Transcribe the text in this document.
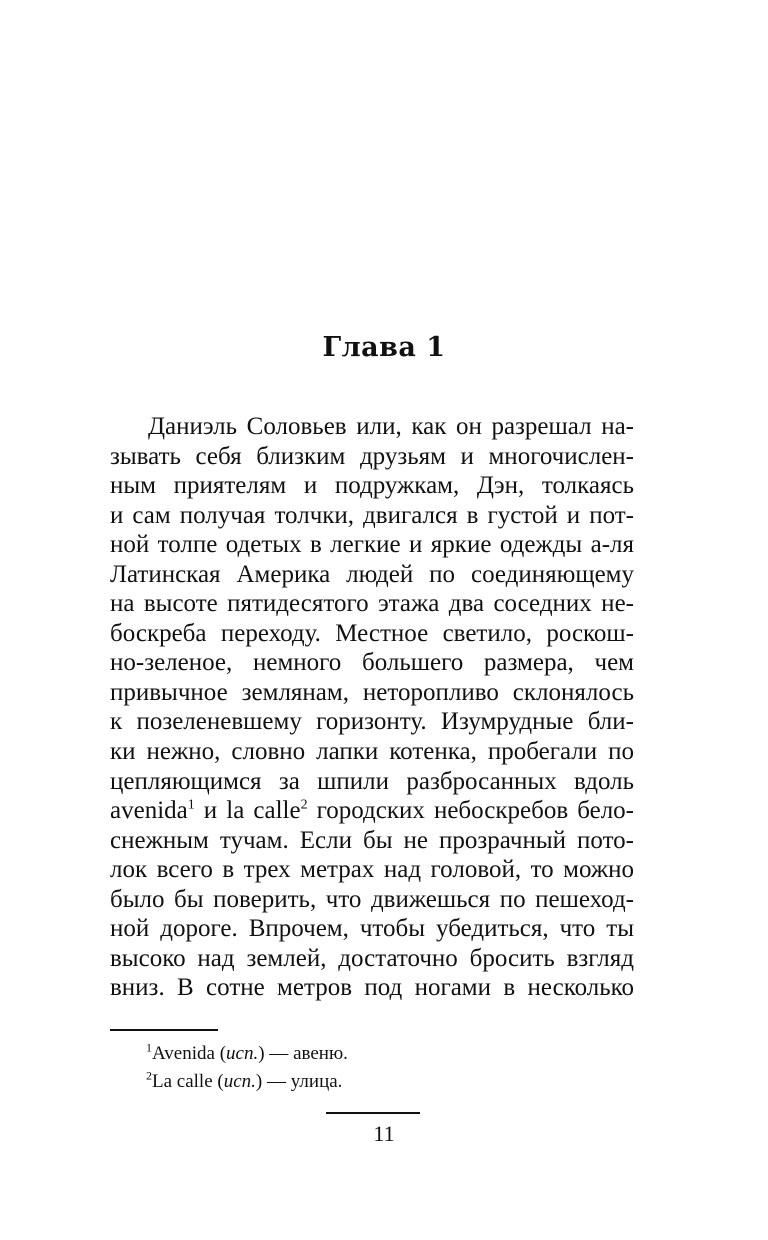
Глава 1
Даниэль Соловьев или, как он разрешал на-
зывать себя близким друзьям и многочислен-
ным приятелям и подружкам, Дэн, толкаясь
и сам получая толчки, двигался в густой и пот-
ной толпе одетых в легкие и яркие одежды а-ля
Латинская Америка людей по соединяющему
на высоте пятидесятого этажа два соседних не-
боскреба переходу. Местное светило, роскош-
но-зеленое, немного большего размера, чем
привычное землянам, неторопливо склонялось
к позеленевшему горизонту. Изумрудные бли-
ки нежно, словно лапки котенка, пробегали по
цепляющимся за шпили разбросанных вдоль
avenida$^1$ и la calle$^2$ городских небоскребов бело-
снежным тучам. Если бы не прозрачный пото-
лок всего в трех метрах над головой, то можно
было бы поверить, что движешься по пешеход-
ной дороге. Впрочем, чтобы убедиться, что ты
высоко над землей, достаточно бросить взгляд
вниз. В сотне метров под ногами в несколько
$^1$Avenida (исп.) — авеню.
$^2$La calle (исп.) — улица.
11
